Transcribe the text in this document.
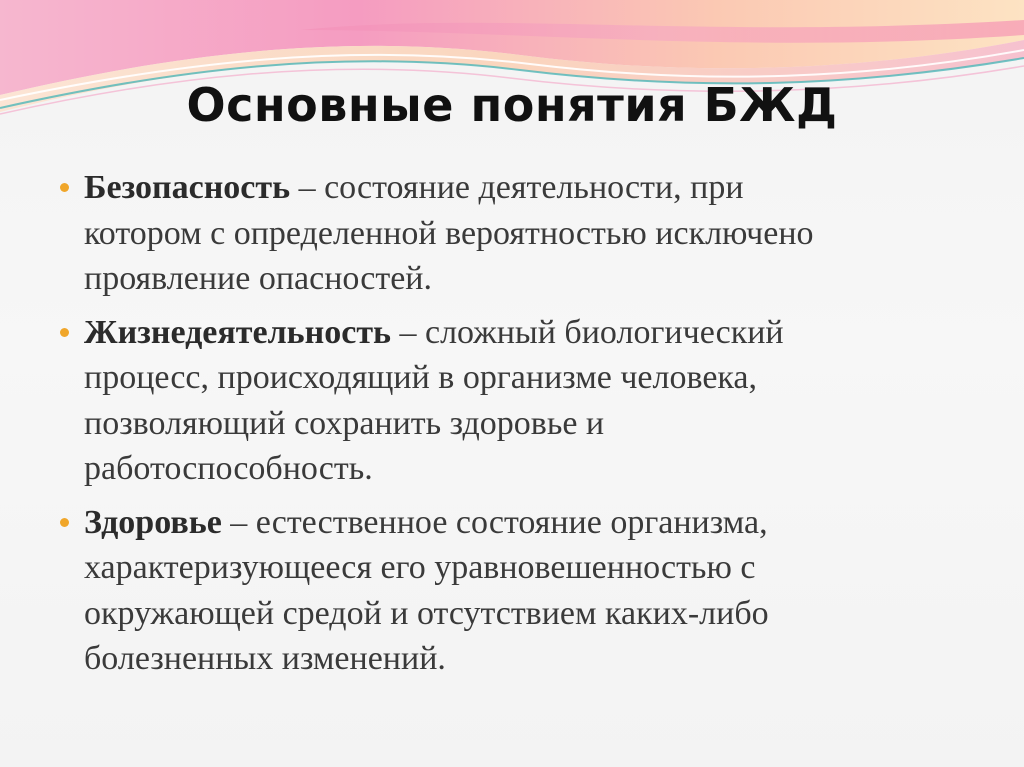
Основные понятия БЖД
Безопасность – состояние деятельности, при
котором с определенной вероятностью исключено
проявление опасностей.
Жизнедеятельность – сложный биологический
процесс, происходящий в организме человека,
позволяющий сохранить здоровье и
работоспособность.
Здоровье – естественное состояние организма,
характеризующееся его уравновешенностью с
окружающей средой и отсутствием каких-либо
болезненных изменений.
